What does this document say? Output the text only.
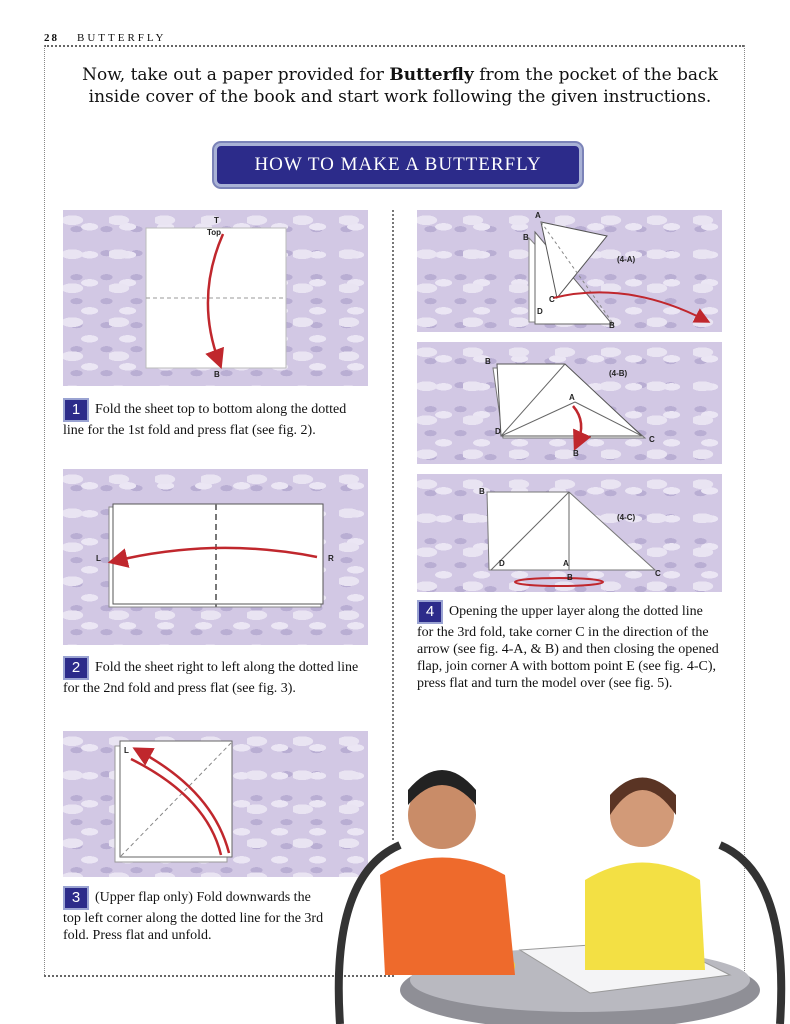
28 BUTTERFLY
Now, take out a paper provided for Butterfly from the pocket of the back inside cover of the book and start work following the given instructions.
HOW TO MAKE A BUTTERFLY
T
Top
B
1 Fold the sheet top to bottom along the dotted line for the 1st fold and press flat (see fig. 2).
L	R
2 Fold the sheet right to left along the dotted line for the 2nd fold and press flat (see fig. 3).
L
3 (Upper flap only) Fold downwards the top left corner along the dotted line for the 3rd fold. Press flat and unfold.
A
B
C
D
B
(4-A)
B
A
C
D
B
(4-B)
B
D	A
B	C
(4-C)
4 Opening the upper layer along the dotted line for the 3rd fold, take corner C in the direction of the arrow (see fig. 4-A, & B) and then closing the opened flap, join corner A with bottom point E (see fig. 4-C), press flat and turn the model over (see fig. 5).
